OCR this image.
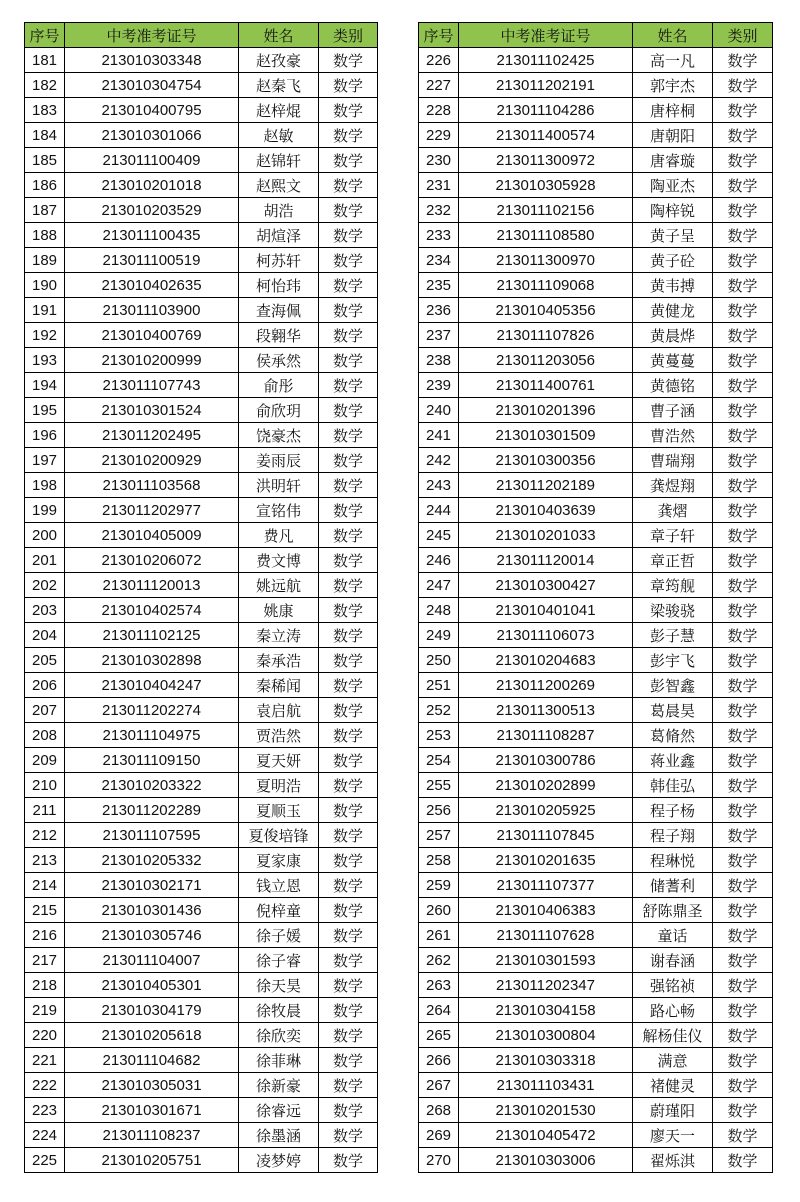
序号	中考准考证号	姓名	类别
181	213010303348	赵孜豪	数学
182	213010304754	赵秦飞	数学
183	213010400795	赵梓焜	数学
184	213010301066	赵敏	数学
185	213011100409	赵锦轩	数学
186	213010201018	赵熙文	数学
187	213010203529	胡浩	数学
188	213011100435	胡煊泽	数学
189	213011100519	柯苏轩	数学
190	213010402635	柯怡玮	数学
191	213011103900	查海佩	数学
192	213010400769	段翱华	数学
193	213010200999	侯承然	数学
194	213011107743	俞彤	数学
195	213010301524	俞欣玥	数学
196	213011202495	饶豪杰	数学
197	213010200929	姜雨辰	数学
198	213011103568	洪明轩	数学
199	213011202977	宣铭伟	数学
200	213010405009	费凡	数学
201	213010206072	费文博	数学
202	213011120013	姚远航	数学
203	213010402574	姚康	数学
204	213011102125	秦立涛	数学
205	213010302898	秦承浩	数学
206	213010404247	秦稀闻	数学
207	213011202274	袁启航	数学
208	213011104975	贾浩然	数学
209	213011109150	夏天妍	数学
210	213010203322	夏明浩	数学
211	213011202289	夏顺玉	数学
212	213011107595	夏俊培锋	数学
213	213010205332	夏家康	数学
214	213010302171	钱立恩	数学
215	213010301436	倪梓童	数学
216	213010305746	徐子媛	数学
217	213011104007	徐子睿	数学
218	213010405301	徐天昊	数学
219	213010304179	徐牧晨	数学
220	213010205618	徐欣奕	数学
221	213011104682	徐菲琳	数学
222	213010305031	徐新豪	数学
223	213010301671	徐睿远	数学
224	213011108237	徐墨涵	数学
225	213010205751	凌梦婷	数学
序号	中考准考证号	姓名	类别
226	213011102425	高一凡	数学
227	213011202191	郭宇杰	数学
228	213011104286	唐梓桐	数学
229	213011400574	唐朝阳	数学
230	213011300972	唐睿璇	数学
231	213010305928	陶亚杰	数学
232	213011102156	陶梓锐	数学
233	213011108580	黄子呈	数学
234	213011300970	黄子砼	数学
235	213011109068	黄韦搏	数学
236	213010405356	黄健龙	数学
237	213011107826	黄晨烨	数学
238	213011203056	黄蔓蔓	数学
239	213011400761	黄德铭	数学
240	213010201396	曹子涵	数学
241	213010301509	曹浩然	数学
242	213010300356	曹瑞翔	数学
243	213011202189	龚煜翔	数学
244	213010403639	龚熠	数学
245	213010201033	章子轩	数学
246	213011120014	章正哲	数学
247	213010300427	章筠舰	数学
248	213010401041	梁骏骁	数学
249	213011106073	彭子慧	数学
250	213010204683	彭宇飞	数学
251	213011200269	彭智鑫	数学
252	213011300513	葛晨昊	数学
253	213011108287	葛脩然	数学
254	213010300786	蒋业鑫	数学
255	213010202899	韩佳弘	数学
256	213010205925	程子杨	数学
257	213011107845	程子翔	数学
258	213010201635	程琳悦	数学
259	213011107377	储蓍利	数学
260	213010406383	舒陈鼎圣	数学
261	213011107628	童话	数学
262	213010301593	谢春涵	数学
263	213011202347	强铭祯	数学
264	213010304158	路心畅	数学
265	213010300804	解杨佳仪	数学
266	213010303318	满意	数学
267	213011103431	褚健灵	数学
268	213010201530	蔚瑾阳	数学
269	213010405472	廖天一	数学
270	213010303006	翟烁淇	数学
